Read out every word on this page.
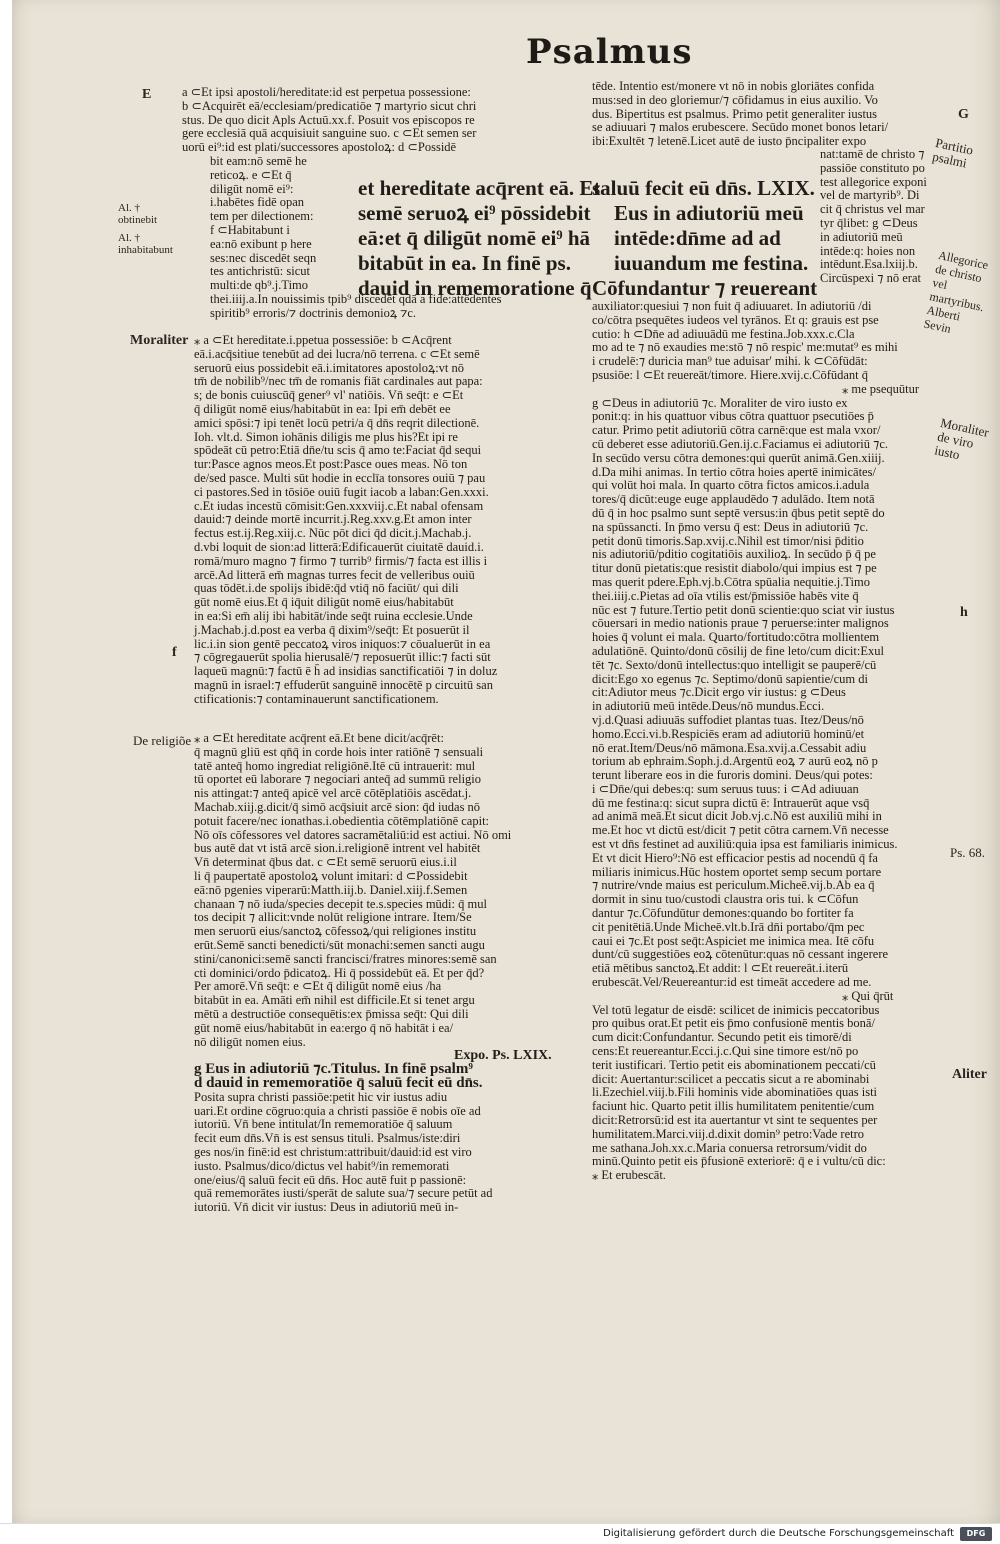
Psalmus
E
Al. † obtinebit
Al. † inhabitabunt
Moraliter
f
De religiõe
G
Partitio psalmi
Allegorice de christo vel martyribus. Alberti Sevin
Moraliter de viro iusto
h
Ps. 68.
Aliter

a ⊂Et ipsi apostoli/hereditate:id est perpetua possessione:

b ⊂Acquirēt eā/ecclesiam/predicatiōe ⁊ martyrio sicut chri

stus. De quo dicit Apls Actuū.xx.f. Posuit vos episcopos re

gere ecclesiā quā acquisiuit sanguine suo. c ⊂Et semen ser

uorū ei⁹:id est plati/successores apostoloꝝ: d ⊂Possidē

bit eam:nō semē he

reticoꝝ. e ⊂Et q̄

diligūt nomē ei⁹:

i.habētes fidē opan

tem per dilectionem:

f ⊂Habitabunt i

ea:nō exibunt p here

ses:nec discedēt seqn

tes antichristū: sicut

multi:de qb⁹.j.Timo

thei.iiij.a.In nouissimis tpib⁹ discedēt qdā a fide:attēdentes

spiritib⁹ erroris/⁊ doctrinis demonioꝝ ⁊c.

et hereditate acq̄rent eā. Et

semē seruoꝝ ei⁹ pōssidebit

eā:et q̄ diligūt nomē ei⁹ hā

bitabūt in ea. In finē ps.

dauid in rememoratione q̄

⁎ a ⊂Et hereditate.i.ppetua possessiōe: b ⊂Acq̄rent

eā.i.acq̄sitiue tenebūt ad dei lucra/nō terrena. c ⊂Et semē

seruorū eius possidebit eā.i.imitatores apostoloꝝ:vt nō

tm̄ de nobilib⁹/nec tm̄ de romanis fiāt cardinales aut papa:

s; de bonis cuiuscūq̄ gener⁹ vl' natiōis. Vn̄ seq̄t: e ⊂Et

q̄ diligūt nomē eius/habitabūt in ea: Ipi em̄ debēt ee

amici spōsi:⁊ ipi tenēt locū petri/a q̄ dn̄s reqrit dilectionē.

Ioh. vlt.d. Simon iohānis diligis me plus his?Et ipi re

spōdeāt cū petro:Etiā dn̄e/tu scis q̄ amo te:Faciat q̄d sequi

tur:Pasce agnos meos.Et post:Pasce oues meas. Nō ton

de/sed pasce. Multi sūt hodie in ecclīa tonsores ouiū ⁊ pau

ci pastores.Sed in tōsiōe ouiū fugit iacob a laban:Gen.xxxi.

c.Et iudas incestū cōmisit:Gen.xxxviij.c.Et nabal ofensam

dauid:⁊ deinde mortē incurrit.j.Reg.xxv.g.Et amon inter

fectus est.ij.Reg.xiij.c. Nūc pōt dici q̄d dicit.j.Machab.j.

d.vbi loquit de sion:ad litterā:Edificauerūt ciuitatē dauid.i.

romā/muro magno ⁊ firmo ⁊ turrib⁹ firmis/⁊ facta est illis i

arcē.Ad litterā em̄ magnas turres fecit de velleribus ouiū

quas tōdēt.i.de spolijs ibidē:q̄d vtiq̄ nō faciūt/ qui dili

gūt nomē eius.Et q̄ iq̄uit diligūt nomē eius/habitabūt

in ea:Si em̄ alij ibi habitāt/inde seq̄t ruina ecclesie.Unde

j.Machab.j.d.post ea verba q̄ dixim⁹/seq̄t: Et posuerūt il

lic.i.in sion gentē peccatoꝝ viros iniquos:⁊ cōualuerūt in ea

⁊ cōgregauerūt spolia hierusalē/⁊ reposuerūt illic:⁊ facti sūt

laqueū magnū:⁊ factū ē h̄ ad insidias sanctificatiōi ⁊ in doluz

magnū in israel:⁊ effuderūt sanguinē innocētē p circuitū san

ctificationis:⁊ contaminauerunt sanctificationem.

⁎ a ⊂Et hereditate acq̄rent eā.Et bene dicit/acq̄rēt:

q̄ magnū gliū est qn̄q̄ in corde hois inter ratiōnē ⁊ sensuali

tatē anteq̄ homo ingrediat religiōnē.Itē cū intrauerit: mul

tū oportet eū laborare ⁊ negociari anteq̄ ad summū religio

nis attingat:⁊ anteq̄ apicē vel arcē cōtēplatiōis ascēdat.j.

Machab.xiij.g.dicit/q̄ simō acq̄siuit arcē sion: q̄d iudas nō

potuit facere/nec ionathas.i.obedientia cōtēmplatiōnē capit:

Nō oīs cōfessores vel datores sacramētaliū:id est actiui. Nō omi

bus autē dat vt istā arcē sion.i.religionē intrent vel habitēt

Vn̄ determinat q̄bus dat. c ⊂Et semē seruorū eius.i.il

li q̄ paupertatē apostoloꝝ volunt imitari: d ⊂Possidebit

eā:nō pgenies viperarū:Matth.iij.b. Daniel.xiij.f.Semen

chanaan ⁊ nō iuda/species decepit te.s.species mūdi: q̄ mul

tos decipit ⁊ allicit:vnde nolūt religione intrare. Item/Se

men seruorū eius/sanctoꝝ cōfessoꝝ/qui religiones institu

erūt.Semē sancti benedicti/sūt monachi:semen sancti augu

stini/canonici:semē sancti francisci/fratres minores:semē san

cti dominici/ordo p̄dicatoꝝ. Hi q̄ possidebūt eā. Et per q̄d?

Per amorē.Vn̄ seq̄t: e ⊂Et q̄ diligūt nomē eius /ha

bitabūt in ea. Amāti em̄ nihil est difficile.Et si tenet argu

mētū a destructiōe consequētis:ex p̄missa seq̄t: Qui dili

gūt nomē eius/habitabūt in ea:ergo q̄ nō habitāt i ea/

nō diligūt nomen eius.

Expo. Ps. LXIX.

g Eus in adiutoriū ⁊c.Titulus. In finē psalm⁹

d dauid in rememoratiōe q̄ saluū fecit eū dn̄s.

Posita supra christi passiōe:petit hic vir iustus adiu

uari.Et ordine cōgruo:quia a christi passiōe ē nobis oīe ad

iutoriū. Vn̄ bene intitulat/In rememoratiōe q̄ saluum

fecit eum dn̄s.Vn̄ is est sensus tituli. Psalmus/iste:diri

ges nos/in finē:id est christum:attribuit/dauid:id est viro

iusto. Psalmus/dico/dictus vel habit⁹/in rememorati

one/eius/q̄ saluū fecit eū dn̄s. Hoc autē fuit p passionē:

quā rememorātes iusti/sperāt de salute sua/⁊ secure petūt ad

iutoriū. Vn̄ dicit vir iustus: Deus in adiutoriū meū in-

tēde. Intentio est/monere vt nō in nobis gloriātes confida

mus:sed in deo gloriemur/⁊ cōfidamus in eius auxilio. Vo

dus. Bipertitus est psalmus. Primo petit generaliter iustus

se adiuuari ⁊ malos erubescere. Secūdo monet bonos letari/

ibi:Exultēt ⁊ letenē.Licet autē de iusto p̄ncipaliter expo

saluū fecit eū dn̄s. LXIX.

Eus in adiutoriū meū

intēde:dn̄me ad ad

iuuandum me festina.

Cōfundantur ⁊ reuereant

nat:tamē de christo ⁊

passiōe constituto po

test allegorice exponi

vel de martyrib⁹. Di

cit q̄ christus vel mar

tyr q̄libet: g ⊂Deus

in adiutoriū meū

intēde:q: hoies non

intēdunt.Esa.lxiij.b.

Circūspexi ⁊ nō erat

auxiliator:quesiui ⁊ non fuit q̄ adiuuaret. In adiutoriū /di

co/cōtra psequētes iudeos vel tyrānos. Et q: grauis est pse

cutio: h ⊂Dn̄e ad adiuuādū me festina.Job.xxx.c.Cla

mo ad te ⁊ nō exaudies me:stō ⁊ nō respic' me:mutat⁹ es mihi

i crudelē:⁊ duricia man⁹ tue aduisar' mihi. k ⊂Cōfūdāt:

psusiōe: l ⊂Et reuereāt/timore. Hiere.xvij.c.Cōfūdant q̄

⁎ me psequūtur

g ⊂Deus in adiutoriū ⁊c. Moraliter de viro iusto ex

ponit:q: in his quattuor vibus cōtra quattuor psecutiōes p̄

catur. Primo petit adiutoriū cōtra carnē:que est mala vxor/

cū deberet esse adiutoriū.Gen.ij.c.Faciamus ei adiutoriū ⁊c.

In secūdo versu cōtra demones:qui querūt animā.Gen.xiiij.

d.Da mihi animas. In tertio cōtra hoies apertē inimicātes/

qui volūt hoi mala. In quarto cōtra fictos amicos.i.adula

tores/q̄ dicūt:euge euge applaudēdo ⁊ adulādo. Item notā

dū q̄ in hoc psalmo sunt septē versus:in q̄bus petit septē do

na spūssancti. In p̄mo versu q̄ est: Deus in adiutoriū ⁊c.

petit donū timoris.Sap.xvij.c.Nihil est timor/nisi p̄ditio

nis adiutoriū/pditio cogitatiōis auxilioꝝ. In secūdo p̄ q̄ pe

titur donū pietatis:que resistit diabolo/qui impius est ⁊ pe

mas querit pdere.Eph.vj.b.Cōtra spūalia nequitie.j.Timo

thei.iiij.c.Pietas ad oīa vtilis est/p̄missiōe habēs vite q̄

nūc est ⁊ future.Tertio petit donū scientie:quo sciat vir iustus

cōuersari in medio nationis praue ⁊ peruerse:inter malignos

hoies q̄ volunt ei mala. Quarto/fortitudo:cōtra mollientem

adulatiōnē. Quinto/donū cōsilij de fine leto/cum dicit:Exul

tēt ⁊c. Sexto/donū intellectus:quo intelligit se pauperē/cū

dicit:Ego xo egenus ⁊c. Septimo/donū sapientie/cum di

cit:Adiutor meus ⁊c.Dicit ergo vir iustus: g ⊂Deus

in adiutoriū meū intēde.Deus/nō mundus.Ecci.

vj.d.Quasi adiuuās suffodiet plantas tuas. Itez/Deus/nō

homo.Ecci.vi.b.Respiciēs eram ad adiutoriū hominū/et

nō erat.Item/Deus/nō māmona.Esa.xvij.a.Cessabit adiu

torium ab ephraim.Soph.j.d.Argentū eoꝝ ⁊ aurū eoꝝ nō p

terunt liberare eos in die furoris domini. Deus/qui potes:

i ⊂Dn̄e/qui debes:q: sum seruus tuus: i ⊂Ad adiuuan

dū me festina:q: sicut supra dictū ē: Intrauerūt aque vsq̄

ad animā meā.Et sicut dicit Job.vj.c.Nō est auxiliū mihi in

me.Et hoc vt dictū est/dicit ⁊ petit cōtra carnem.Vn̄ necesse

est vt dn̄s festinet ad auxiliū:quia ipsa est familiaris inimicus.

Et vt dicit Hiero⁹:Nō est efficacior pestis ad nocendū q̄ fa

miliaris inimicus.Hūc hostem oportet semp secum portare

⁊ nutrire/vnde maius est periculum.Micheē.vij.b.Ab ea q̄

dormit in sinu tuo/custodi claustra oris tui. k ⊂Cōfun

dantur ⁊c.Cōfundūtur demones:quando bo fortiter fa

cit penitētiā.Unde Micheē.vlt.b.Irā dn̄i portabo/q̄m pec

caui ei ⁊c.Et post seq̄t:Aspiciet me inimica mea. Itē cōfu

dunt/cū suggestiōes eoꝝ cōtenūtur:quas nō cessant ingerere

etiā mētibus sanctoꝝ.Et addit: l ⊂Et reuereāt.i.iterū

erubescāt.Vel/Reuereantur:id est timeāt accedere ad me.

⁎ Qui q̄rūt

Vel totū legatur de eisdē: scilicet de inimicis peccatoribus

pro quibus orat.Et petit eis p̄mo confusionē mentis bonā/

cum dicit:Confundantur. Secundo petit eis timorē/di

cens:Et reuereantur.Ecci.j.c.Qui sine timore est/nō po

terit iustificari. Tertio petit eis abominationem peccati/cū

dicit: Auertantur:scilicet a peccatis sicut a re abominabi

li.Ezechiel.viij.b.Fili hominis vide abominatiōes quas isti

faciunt hic. Quarto petit illis humilitatem penitentie/cum

dicit:Retrorsū:id est ita auertantur vt sint te sequentes per

humilitatem.Marci.viij.d.dixit domin⁹ petro:Vade retro

me sathana.Joh.xx.c.Maria conuersa retrorsum/vidit do

minū.Quinto petit eis p̄fusionē exteriorē: q̄ e i vultu/cū dic:

⁎ Et erubescāt.

Digitalisierung gefördert durch die Deutsche Forschungsgemeinschaft	DFG
